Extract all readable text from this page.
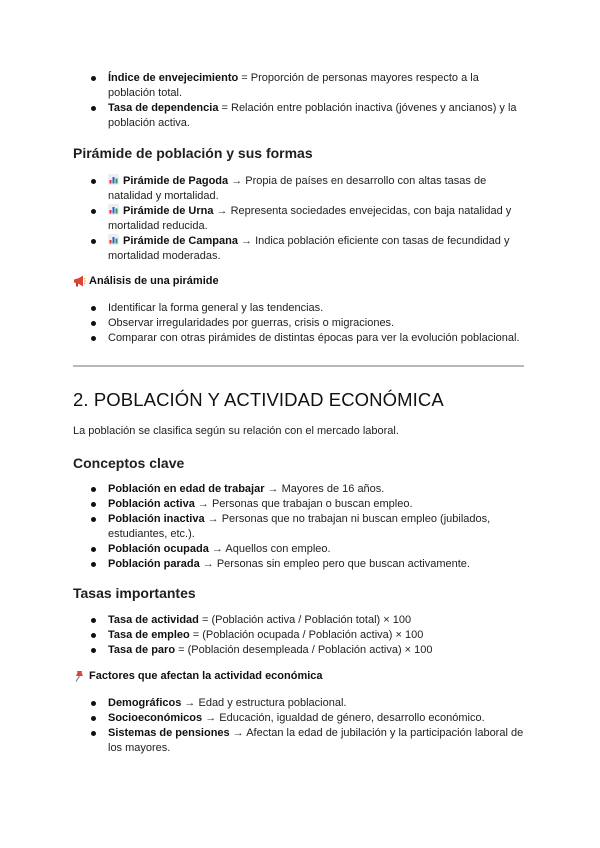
Índice de envejecimiento = Proporción de personas mayores respecto a la población total.
Tasa de dependencia = Relación entre población inactiva (jóvenes y ancianos) y la población activa.
Pirámide de población y sus formas
Pirámide de Pagoda → Propia de países en desarrollo con altas tasas de natalidad y mortalidad.
Pirámide de Urna → Representa sociedades envejecidas, con baja natalidad y mortalidad reducida.
Pirámide de Campana → Indica población eficiente con tasas de fecundidad y mortalidad moderadas.
Análisis de una pirámide
Identificar la forma general y las tendencias.
Observar irregularidades por guerras, crisis o migraciones.
Comparar con otras pirámides de distintas épocas para ver la evolución poblacional.
2. POBLACIÓN Y ACTIVIDAD ECONÓMICA
La población se clasifica según su relación con el mercado laboral.
Conceptos clave
Población en edad de trabajar → Mayores de 16 años.
Población activa → Personas que trabajan o buscan empleo.
Población inactiva → Personas que no trabajan ni buscan empleo (jubilados, estudiantes, etc.).
Población ocupada → Aquellos con empleo.
Población parada → Personas sin empleo pero que buscan activamente.
Tasas importantes
Tasa de actividad = (Población activa / Población total) × 100
Tasa de empleo = (Población ocupada / Población activa) × 100
Tasa de paro = (Población desempleada / Población activa) × 100
Factores que afectan la actividad económica
Demográficos → Edad y estructura poblacional.
Socioeconómicos → Educación, igualdad de género, desarrollo económico.
Sistemas de pensiones → Afectan la edad de jubilación y la participación laboral de los mayores.
